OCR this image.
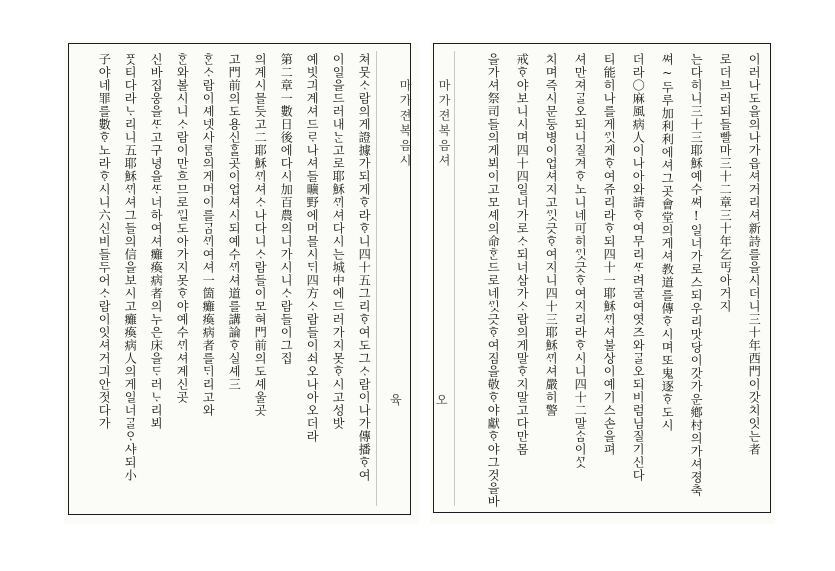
마가젼복음시
육
쳐뭇ᄉᆞ람의게證據가되게ᄒᆞ라ᄒᆞ니四十五그리ᄒᆞ여도그ᄉᆞ람이나가傳播ᄒᆞ여
이일을드러내ᄂᆞᆫ고로耶穌ᄭᆡ셔다시는城中에드러가지못ᄒᆞ시고성밧
예빗긔계셔드ᄅᆞ나셔들曠野에머믈시ᄃᆡ四方ᄉᆞ람들이쇠오나아오더라
第二章一數日後에다시加百農의니가시니ᄉᆞ람들이그집
의계시믈듯고二耶穌ᄭᆡ셔ᄉᆞ나다니ᄉᆞ람들이모혀門前의도셰울곳
고門前의도용신ᄒᆞᆯ곳이업셔시되예수ᄭᆡ셔道를講論ᄒᆞ실셰三
ᄒᆞᆫᄉᆞ람이셰넷사ᄅᆞᆷ의게머이를ᄀᆞᆷᄭᆡ여셔一箇癱瘓病者를ᄃᆡ리고와
ᄒᆞᆫ와볼시니ᄉᆞ람이만흐므로ᄭᆡᆯ도아가지못ᄒᆞ야예수ᄭᆡ셔계신곳
신바집웅을ᄯᆞ고구녕을ᄯᆞ너하여셔癱瘓病者의누은床을ᄃᆞ러ᄂᆞ리뵈
ᄑᆞᆺ티다라ᄂᆞ리니五耶穌ᄭᆡ셔그들의信을보시고癱瘓病人의게일너ᄀᆞᆯᄋᆞ샤되小
子야네罪를數ᄒᆞ노라ᄒᆞ시니六신비들두어ᄉᆞ람이잇셔거긔안젓다가	마가젼복음셔
오	이러나도을의나가읍셔거리셔新詩를을시더니三十年西門이갓치잇는者
로더브러되들빨마三十二章三十年乞丐아거지
는다히니三十三耶穌예수쎠!일너가로스되우리맛당이갓가운鄕村의가셔졍축
쎠~두루加利利에셔그곳會堂의게셔教道를傳ᄒᆞ시며또鬼逐ᄒᆞ도시
더라〇麻風病人이나아와請ᄒᆞ여무리ᄯᆞ려굴여엿즈와ᄀᆞᆯ오되비럼님질기신다
티能히나를게ᄭᆡᆺ게ᄒᆞ여쥬리라ᄒᆞ되四十一耶穌ᄭᆡ셔불상이예기스손을펴
셔만져ᄀᆞᆯ오되니질겨ᄒᆞ노니네可히ᄭᆡᆺ긋ᄒᆞ여지리라ᄒᆞ시니四十二말ᄉᆞᆷ이ᄭᆞᆺ
치며즉시문둥병이업셔지고ᄭᆡᆺ긋ᄒᆞ여지니四十三耶穌ᄭᆡ셔嚴히警
戒ᄒᆞ야보니시며四十四일너가로ᄉᆞ되너삼가ᄉᆞ람의게말ᄒᆞ지말고다만몸
을가셔祭司들의게뵈이고모셰의命ᄒᆞᆫ드로네ᄭᆡᆺ긋ᄒᆞ여짐을敬ᄒᆞ야獻ᄒᆞ야그것을바
